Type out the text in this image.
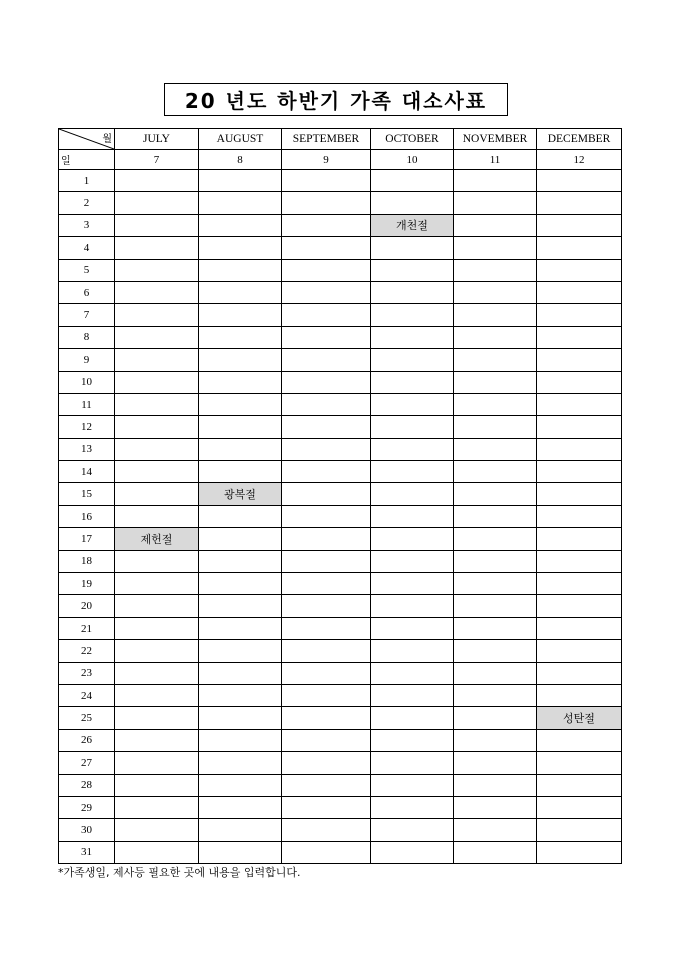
20 년도 하반기 가족 대소사표
월	JULY	AUGUST	SEPTEMBER	OCTOBER	NOVEMBER	DECEMBER
일	7	8	9	10	11	12
1						
2						
3				개천절		
4						
5						
6						
7						
8						
9						
10						
11						
12						
13						
14						
15		광복절				
16						
17	제헌절					
18						
19						
20						
21						
22						
23						
24						
25						성탄절
26						
27						
28						
29						
30						
31						
*가족생일, 제사등 필요한 곳에 내용을 입력합니다.
